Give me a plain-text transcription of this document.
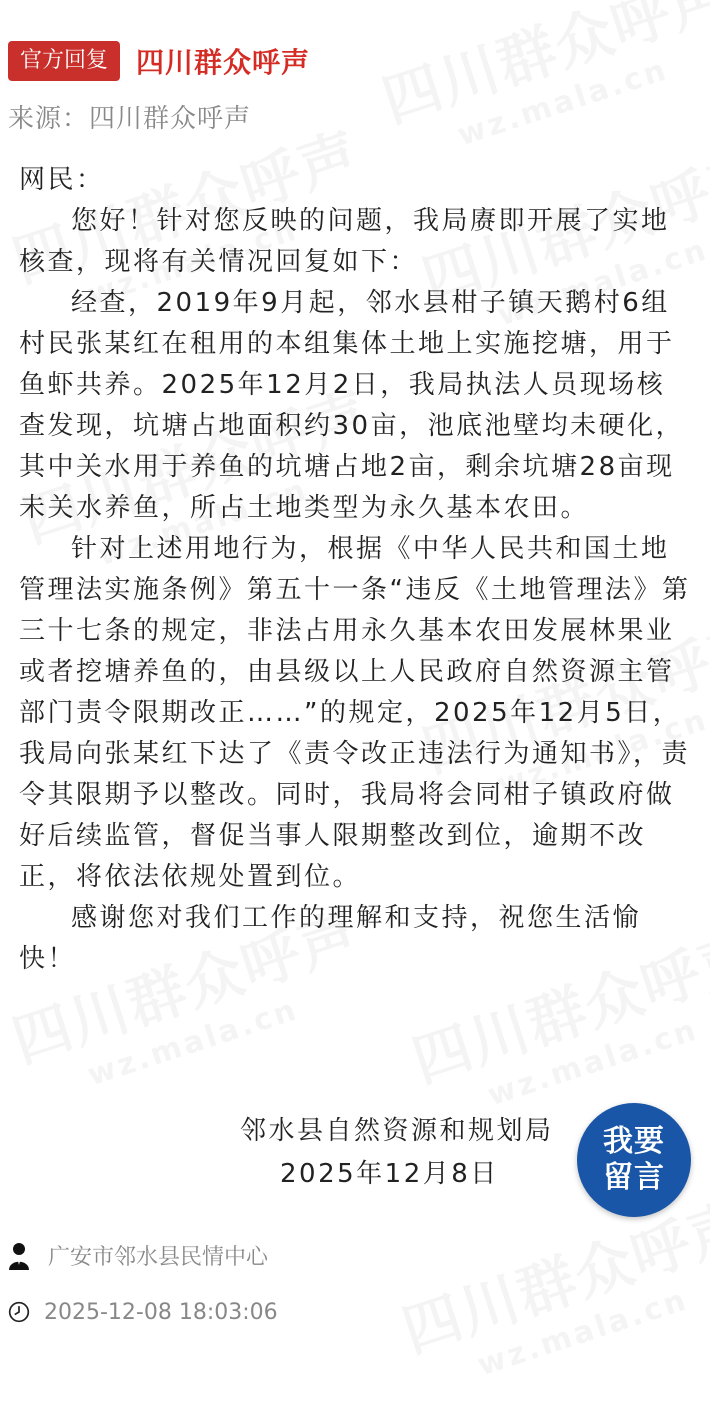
官方回复	四川群众呼声
来源：四川群众呼声

网民：

您好！针对您反映的问题，我局赓即开展了实地核查，现将有关情况回复如下：

经查，2019年9月起，邻水县柑子镇天鹅村6组村民张某红在租用的本组集体土地上实施挖塘，用于鱼虾共养。2025年12月2日，我局执法人员现场核查发现，坑塘占地面积约30亩，池底池壁均未硬化，其中关水用于养鱼的坑塘占地2亩，剩余坑塘28亩现未关水养鱼，所占土地类型为永久基本农田。

针对上述用地行为，根据《中华人民共和国土地管理法实施条例》第五十一条“违反《土地管理法》第三十七条的规定，非法占用永久基本农田发展林果业或者挖塘养鱼的，由县级以上人民政府自然资源主管部门责令限期改正……”的规定，2025年12月5日，我局向张某红下达了《责令改正违法行为通知书》，责令其限期予以整改。同时，我局将会同柑子镇政府做好后续监管，督促当事人限期整改到位，逾期不改正，将依法依规处置到位。

感谢您对我们工作的理解和支持，祝您生活愉快！

邻水县自然资源和规划局
2025年12月8日
我要
留言
广安市邻水县民情中心
2025-12-08 18:03:06
